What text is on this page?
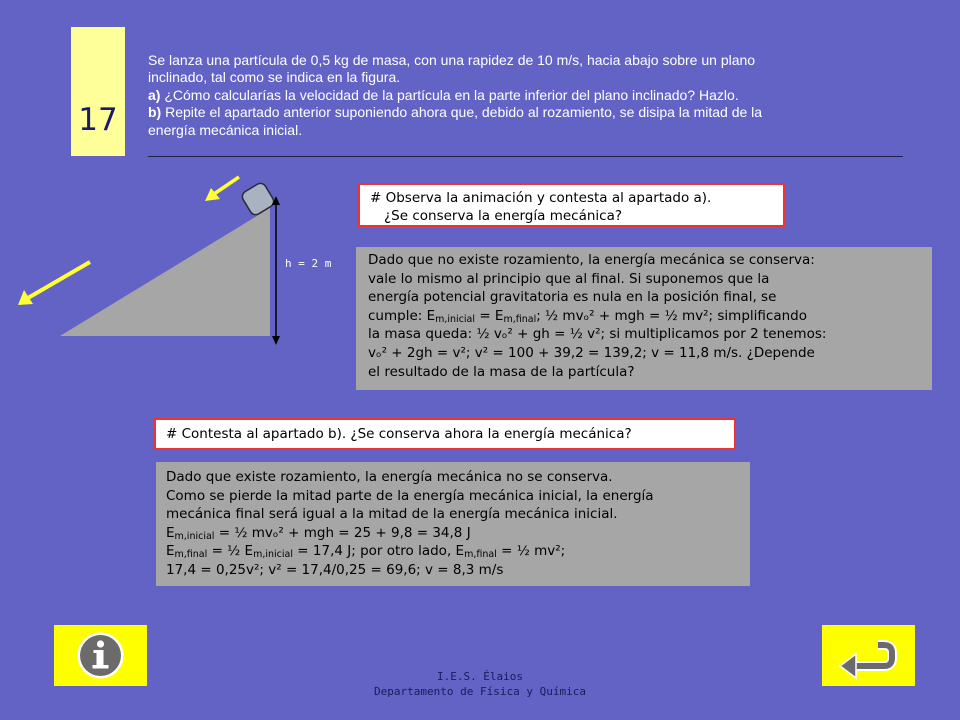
17
Se lanza una partícula de 0,5 kg de masa, con una rapidez de 10 m/s, hacia abajo sobre un plano
inclinado, tal como se indica en la figura.
a) ¿Cómo calcularías la velocidad de la partícula en la parte inferior del plano inclinado? Hazlo.
b) Repite el apartado anterior suponiendo ahora que, debido al rozamiento, se disipa la mitad de la
energía mecánica inicial.
h = 2 m
# Observa la animación y contesta al apartado a).
¿Se conserva la energía mecánica?
Dado que no existe rozamiento, la energía mecánica se conserva:
vale lo mismo al principio que al final. Si suponemos que la
energía potencial gravitatoria es nula en la posición final, se
cumple: $E_{m,inicial} = E_{m,final}$; ½ mvₒ² + mgh = ½ mv²; simplificando
la masa queda: ½ vₒ² + gh = ½ v²; si multiplicamos por 2 tenemos:
vₒ² + 2gh = v²; v² = 100 + 39,2 = 139,2; v = 11,8 m/s. ¿Depende
el resultado de la masa de la partícula?
# Contesta al apartado b). ¿Se conserva ahora la energía mecánica?
Dado que existe rozamiento, la energía mecánica no se conserva.
Como se pierde la mitad parte de la energía mecánica inicial, la energía
mecánica final será igual a la mitad de la energía mecánica inicial.
$E_{m,inicial}$ = ½ mvₒ² + mgh = 25 + 9,8 = 34,8 J
$E_{m,final}$ = ½ $E_{m,inicial} = 17,4$ J; por otro lado, $E_{m,final}$ = ½ mv²;
17,4 = 0,25v²; v² = 17,4/0,25 = 69,6; v = 8,3 m/s
I.E.S. Élaios
Departamento de Física y Química
